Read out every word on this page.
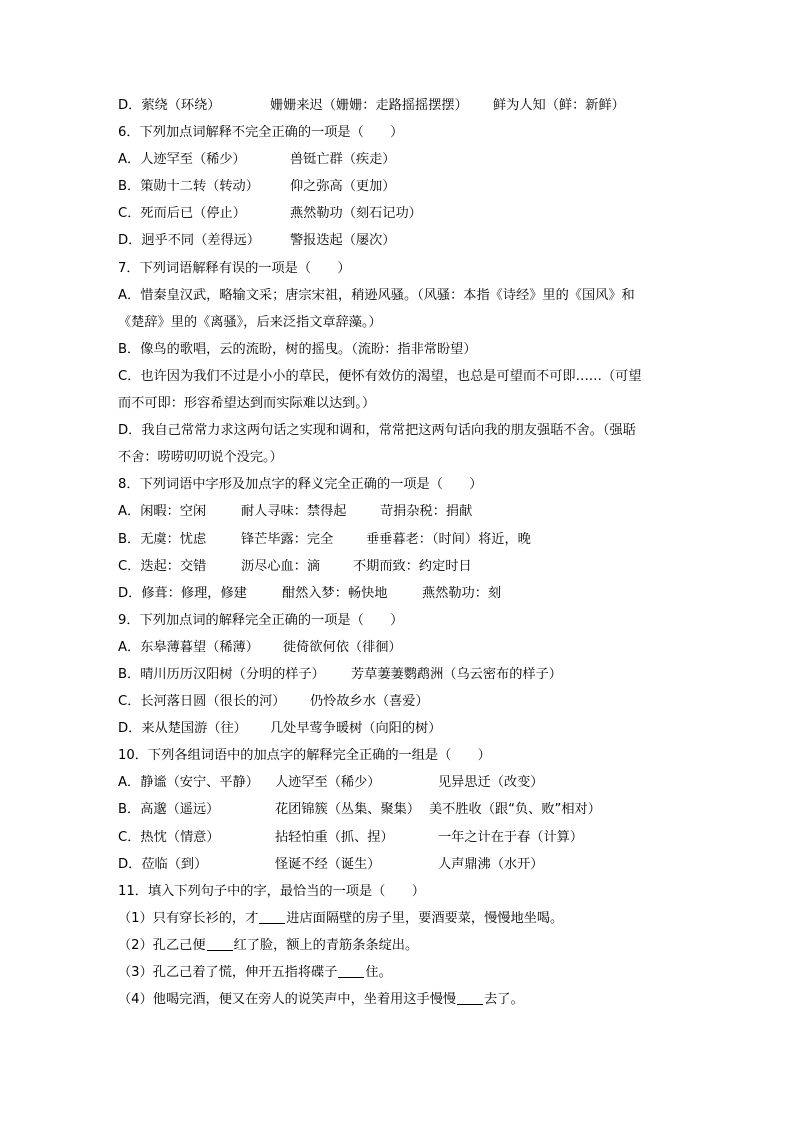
D．萦绕（环绕）	姗姗来迟（姗姗：走路摇摇摆摆） 鲜为人知（鲜：新鲜）
6．下列加点词解释不完全正确的一项是（　　）
A．人迹罕至（稀少）	兽铤亡群（疾走）
B．策勋十二转（转动） 仰之弥高（更加）
C．死而后已（停止）	燕然勒功（刻石记功）
D．迥乎不同（差得远） 警报迭起（屡次）
7．下列词语解释有误的一项是（　　）
A．惜秦皇汉武，略输文采；唐宗宋祖，稍逊风骚。（风骚：本指《诗经》里的《国风》和
《楚辞》里的《离骚》，后来泛指文章辞藻。）
B．像鸟的歌唱，云的流盼，树的摇曳。（流盼：指非常盼望）
C．也许因为我们不过是小小的草民，便怀有效仿的渴望，也总是可望而不可即……（可望
而不可即：形容希望达到而实际难以达到。）
D．我自己常常力求这两句话之实现和调和，常常把这两句话向我的朋友强聒不舍。（强聒
不舍：唠唠叨叨说个没完。）
8．下列词语中字形及加点字的释义完全正确的一项是（　　）
A．闲暇：空闲	耐人寻味：禁得起	苛捐杂税：捐献
B．无虞：忧虑	锋芒毕露：完全 垂垂暮老：（时间）将近，晚
C．迭起：交错	沥尽心血：滴 不期而致：约定时日
D．修葺：修理，修建	酣然入梦：畅快地	燕然勒功：刻
9．下列加点词的解释完全正确的一项是（　　）
A．东皋薄暮望（稀薄） 徙倚欲何依（徘徊）
B．晴川历历汉阳树（分明的样子） 芳草萋萋鹦鹉洲（乌云密布的样子）
C．长河落日圆（很长的河） 仍怜故乡水（喜爱）
D．来从楚国游（往） 几处早莺争暖树（向阳的树）
10．下列各组词语中的加点字的解释完全正确的一组是（　　）
A．静谧（安宁、平静） 人迹罕至（稀少）	见异思迁（改变）
B．高邈（遥远）	花团锦簇（丛集、聚集） 美不胜收（跟“负、败”相对）
C．热忱（情意）	拈轻怕重（抓、捏）	一年之计在于春（计算）
D．莅临（到）	怪诞不经（诞生）	人声鼎沸（水开）
11．填入下列句子中的字，最恰当的一项是（　　）
（1）只有穿长衫的，才 进店面隔壁的房子里，要酒要菜，慢慢地坐喝。
（2）孔乙己便 红了脸，额上的青筋条条绽出。
（3）孔乙己着了慌，伸开五指将碟子 住。
（4）他喝完酒，便又在旁人的说笑声中，坐着用这手慢慢 去了。
